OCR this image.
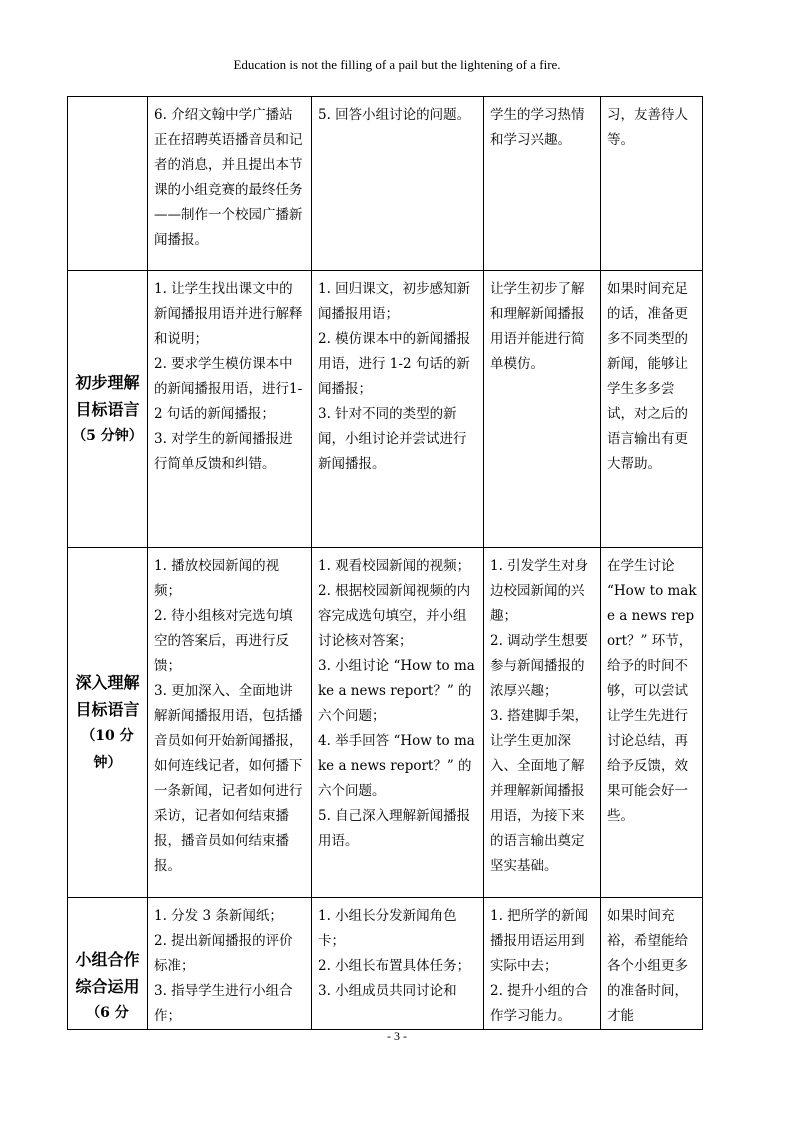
Education is not the filling of a pail but the lightening of a fire.

	6. 介绍文翰中学广播站正在招聘英语播音员和记者的消息，并且提出本节课的小组竞赛的最终任务——制作一个校园广播新闻播报。	5. 回答小组讨论的问题。	学生的学习热情和学习兴趣。	习，友善待人等。

初步理解目标语言
（5 分钟）	1. 让学生找出课文中的新闻播报用语并进行解释和说明；
2. 要求学生模仿课本中的新闻播报用语，进行1-2 句话的新闻播报；
3. 对学生的新闻播报进行简单反馈和纠错。	1. 回归课文，初步感知新闻播报用语；
2. 模仿课本中的新闻播报用语，进行 1-2 句话的新闻播报；
3. 针对不同的类型的新闻，小组讨论并尝试进行新闻播报。	让学生初步了解和理解新闻播报用语并能进行简单模仿。	如果时间充足的话，准备更多不同类型的新闻，能够让学生多多尝试，对之后的语言输出有更大帮助。

深入理解目标语言
（10 分钟）	1. 播放校园新闻的视频；
2. 待小组核对完选句填空的答案后，再进行反馈；
3. 更加深入、全面地讲解新闻播报用语，包括播音员如何开始新闻播报，如何连线记者，如何播下一条新闻，记者如何进行采访，记者如何结束播报，播音员如何结束播报。	1. 观看校园新闻的视频；
2. 根据校园新闻视频的内容完成选句填空，并小组讨论核对答案；
3. 小组讨论 “How to make a news report？” 的六个问题；
4. 举手回答 “How to make a news report？” 的六个问题。
5. 自己深入理解新闻播报用语。	1. 引发学生对身边校园新闻的兴趣；
2. 调动学生想要参与新闻播报的浓厚兴趣；
3. 搭建脚手架，让学生更加深入、全面地了解并理解新闻播报用语，为接下来的语言输出奠定坚实基础。	在学生讨论 “How to make a news report？” 环节，给予的时间不够，可以尝试让学生先进行讨论总结，再给予反馈，效果可能会好一些。

小组合作综合运用
（6 分	1. 分发 3 条新闻纸；
2. 提出新闻播报的评价标准；
3. 指导学生进行小组合作；	1. 小组长分发新闻角色卡；
2. 小组长布置具体任务；
3. 小组成员共同讨论和	1. 把所学的新闻播报用语运用到实际中去；
2. 提升小组的合作学习能力。	如果时间充裕，希望能给各个小组更多的准备时间，才能
- 3 -
